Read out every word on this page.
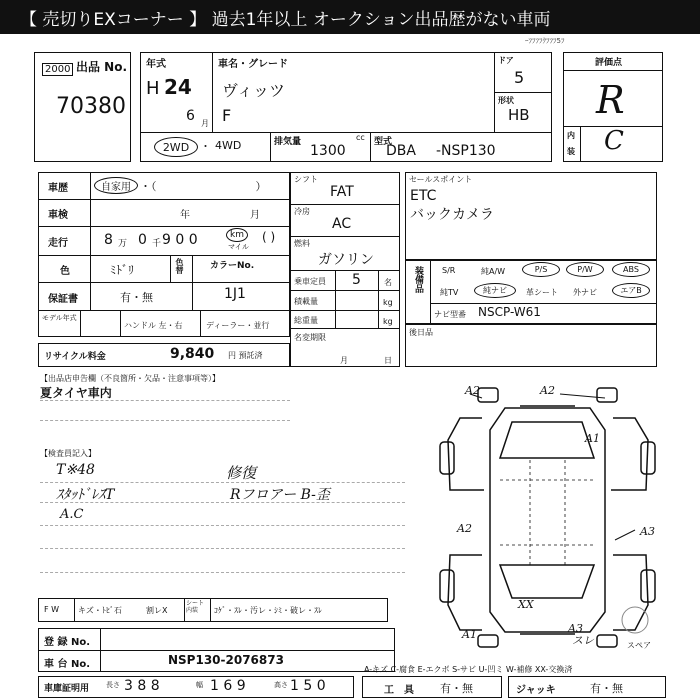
【 売切りEXコーナー 】 過去1年以上 オークション出品歴がない車両
ｰﾌﾌﾌﾌｸﾌﾌﾌ5ﾌ
2000 出品 No.
70380
年式
H 24
6 月
車名・グレード
ヴィッツ
F
ドア
5
形状
HB
2WD ・ 4WD	排気量	cc
1300
型式
DBA -NSP130
評価点
R
内
装 C
車歴	自家用 ・（　　　　　　　　　）
車検	年	月
走行	8 万 0 千 9 0 0	km
マイル
( )
色	ﾐﾄﾞﾘ	色替	カラーNo.
保証書	有・無	1J1
モデル年式
ハンドル 左・右	ディーラー・並行
リサイクル料金	9,840 円 預託済
シフト
FAT
冷房
AC
燃料
ガソリン
乗車定員 5	名
積載量	kg
総重量	kg
名変期限
月	日
セールスポイント
ETC
バックカメラ
装備品 S/R	純A/W	P/S	P/W	ABS
純TV	純ナビ	革シート 外ナビ	エアB
ナビ型番 NSCP-W61
後日品
【出品店申告欄（不良箇所・欠品・注意事項等）】
夏タイヤ車内
【検査員記入】
T※48
ｽﾀｯﾄﾞﾚｽT
A.C
修復
Rフロアー B-歪
A2	A2
A1
A2	A3
XX
A3
スレ
A1
スペア
F W キズ・ﾄﾋﾞ石	割レX
シート内装	ｺｹﾞ・ｽﾚ・汚レ・ｼﾐ・破レ・ｽﾚ
登 録 No.
車 台 No.	NSP130-2076873
A-キズ C-腐食 E-エクボ S-サビ U-凹ミ W-補修 XX-交換済
車庫証明用 長さ 3 8 8	幅 1 6 9	高さ 1 5 0	工　具 有・無	ジャッキ	有・無
